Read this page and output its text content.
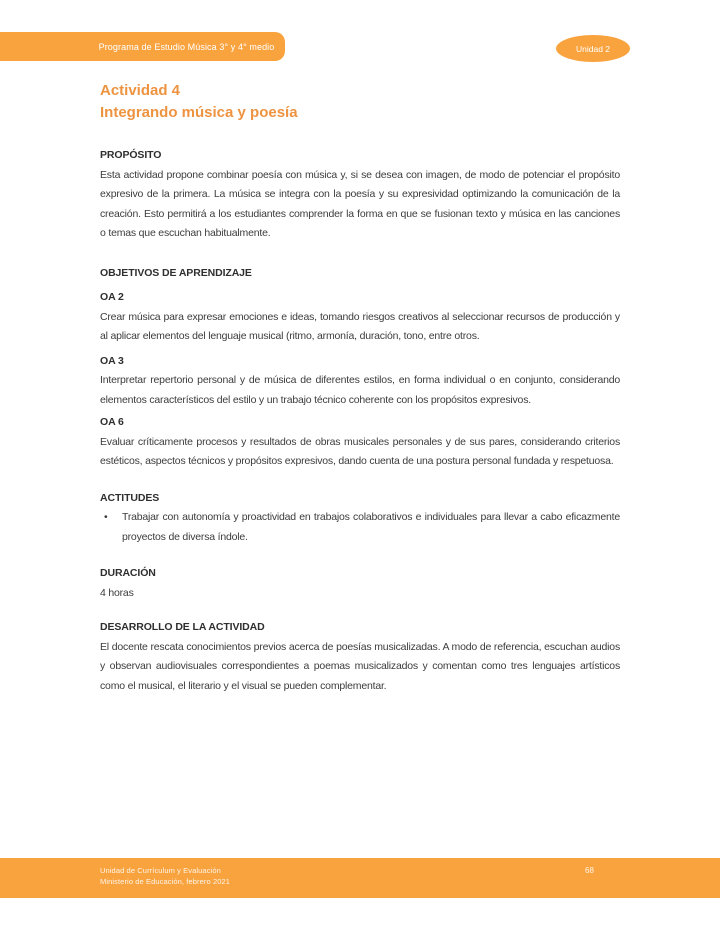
Programa de Estudio Música 3° y 4° medio	Unidad 2
Actividad 4
Integrando música y poesía
PROPÓSITO

Esta actividad propone combinar poesía con música y, si se desea con imagen, de modo de potenciar el propósito expresivo de la primera. La música se integra con la poesía y su expresividad optimizando la comunicación de la creación. Esto permitirá a los estudiantes comprender la forma en que se fusionan texto y música en las canciones o temas que escuchan habitualmente.

OBJETIVOS DE APRENDIZAJE
OA 2

Crear música para expresar emociones e ideas, tomando riesgos creativos al seleccionar recursos de producción y al aplicar elementos del lenguaje musical (ritmo, armonía, duración, tono, entre otros.

OA 3

Interpretar repertorio personal y de música de diferentes estilos, en forma individual o en conjunto, considerando elementos característicos del estilo y un trabajo técnico coherente con los propósitos expresivos.

OA 6

Evaluar críticamente procesos y resultados de obras musicales personales y de sus pares, considerando criterios estéticos, aspectos técnicos y propósitos expresivos, dando cuenta de una postura personal fundada y respetuosa.

ACTITUDES
•	Trabajar con autonomía y proactividad en trabajos colaborativos e individuales para llevar a cabo eficazmente proyectos de diversa índole.
DURACIÓN

4 horas

DESARROLLO DE LA ACTIVIDAD

El docente rescata conocimientos previos acerca de poesías musicalizadas. A modo de referencia, escuchan audios y observan audiovisuales correspondientes a poemas musicalizados y comentan como tres lenguajes artísticos como el musical, el literario y el visual se pueden complementar.

Unidad de Currículum y Evaluación
Ministerio de Educación, febrero 2021
68
